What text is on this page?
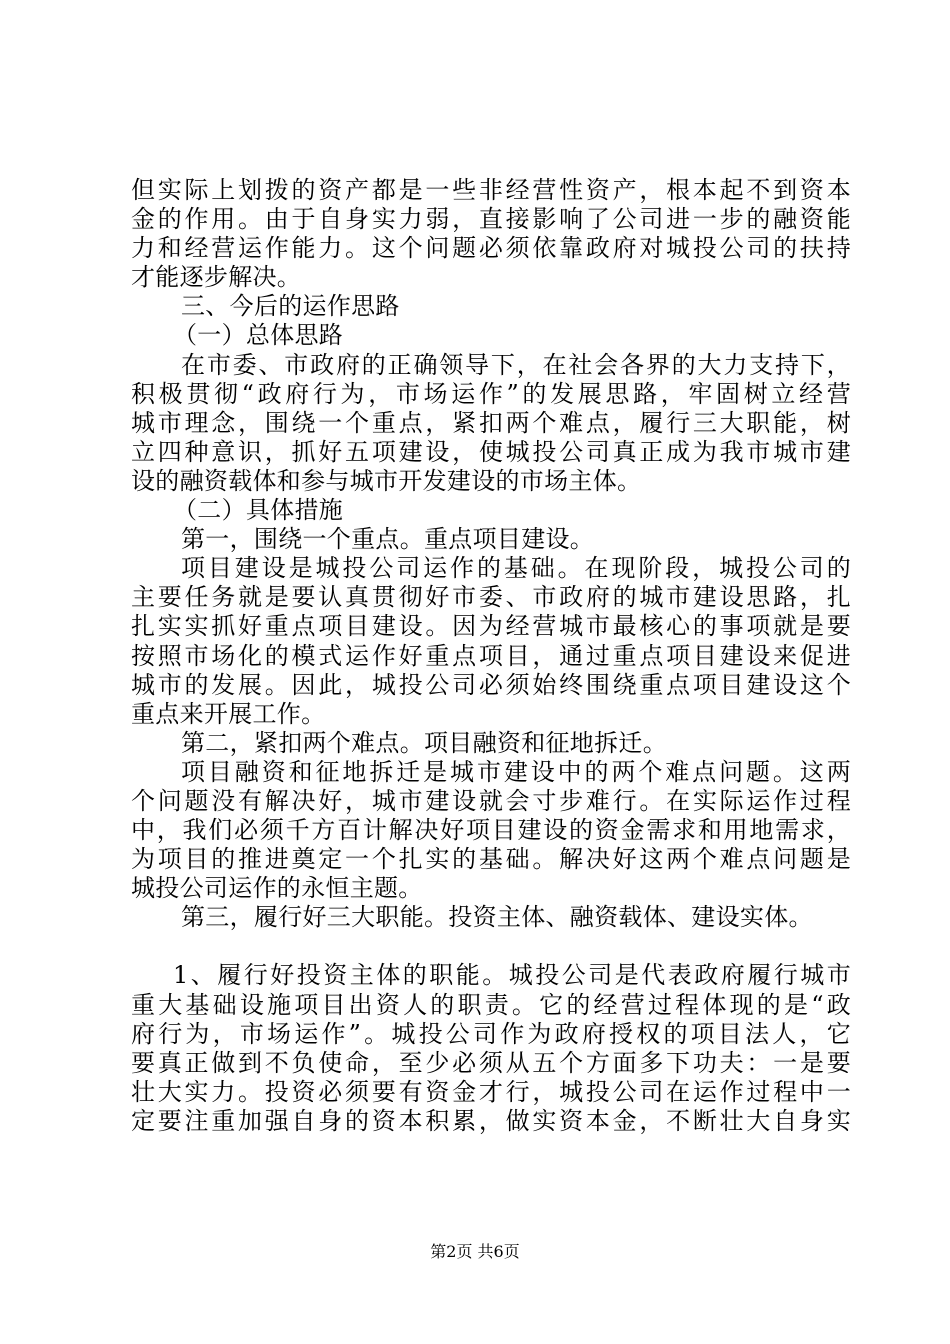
但实际上划拨的资产都是一些非经营性资产，根本起不到资本
金的作用。由于自身实力弱，直接影响了公司进一步的融资能
力和经营运作能力。这个问题必须依靠政府对城投公司的扶持
才能逐步解决。
三、今后的运作思路
（一）总体思路
在市委、市政府的正确领导下，在社会各界的大力支持下，
积极贯彻“政府行为，市场运作”的发展思路，牢固树立经营
城市理念，围绕一个重点，紧扣两个难点，履行三大职能，树
立四种意识，抓好五项建设，使城投公司真正成为我市城市建
设的融资载体和参与城市开发建设的市场主体。
（二）具体措施
第一，围绕一个重点。重点项目建设。
项目建设是城投公司运作的基础。在现阶段，城投公司的
主要任务就是要认真贯彻好市委、市政府的城市建设思路，扎
扎实实抓好重点项目建设。因为经营城市最核心的事项就是要
按照市场化的模式运作好重点项目，通过重点项目建设来促进
城市的发展。因此，城投公司必须始终围绕重点项目建设这个
重点来开展工作。
第二，紧扣两个难点。项目融资和征地拆迁。
项目融资和征地拆迁是城市建设中的两个难点问题。这两
个问题没有解决好，城市建设就会寸步难行。在实际运作过程
中，我们必须千方百计解决好项目建设的资金需求和用地需求，
为项目的推进奠定一个扎实的基础。解决好这两个难点问题是
城投公司运作的永恒主题。
第三，履行好三大职能。投资主体、融资载体、建设实体。
1、履行好投资主体的职能。城投公司是代表政府履行城市
重大基础设施项目出资人的职责。它的经营过程体现的是“政
府行为，市场运作”。城投公司作为政府授权的项目法人，它
要真正做到不负使命，至少必须从五个方面多下功夫：一是要
壮大实力。投资必须要有资金才行，城投公司在运作过程中一
定要注重加强自身的资本积累，做实资本金，不断壮大自身实
第2页 共6页
